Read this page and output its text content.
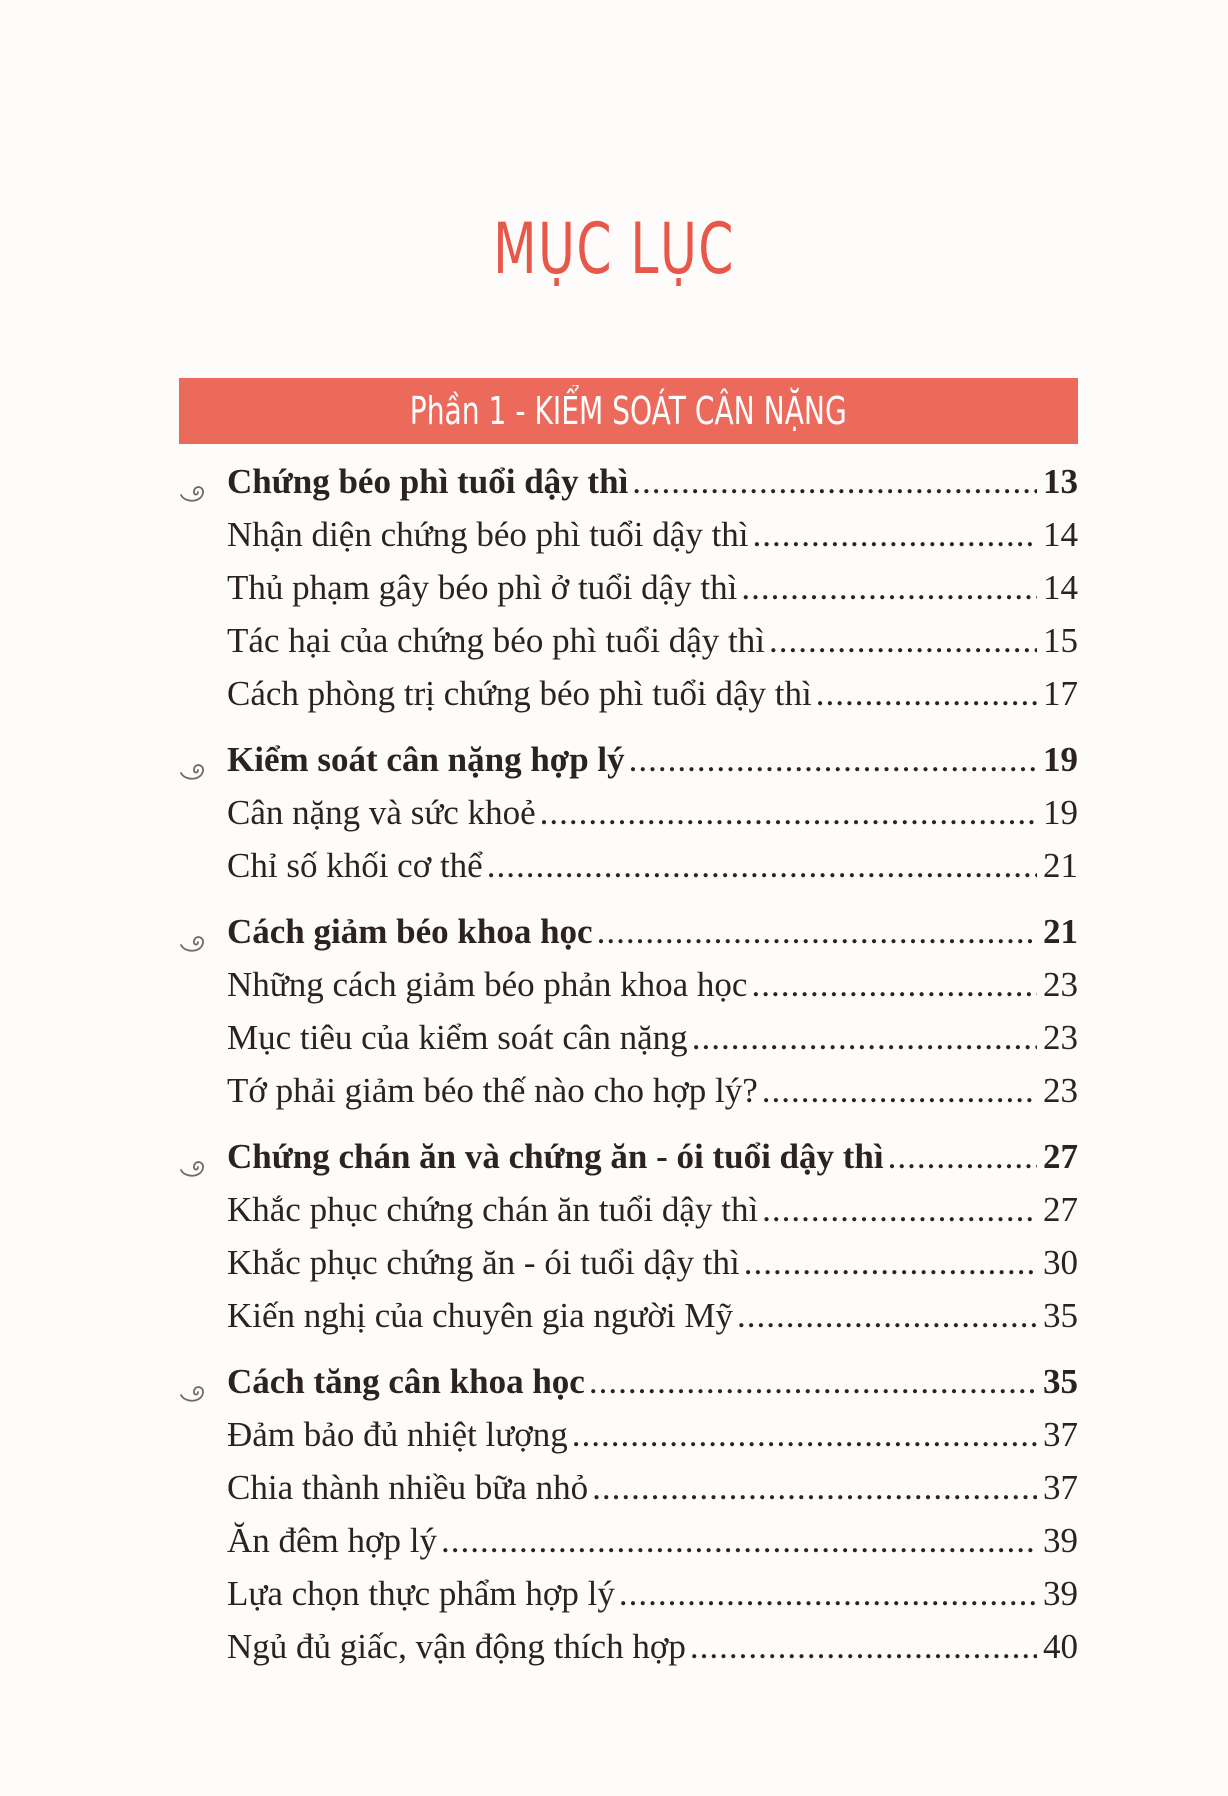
MỤC LỤC
Phần 1 - KIỂM SOÁT CÂN NẶNG
Chứng béo phì tuổi dậy thì .....	13
Nhận diện chứng béo phì tuổi dậy thì .....	14
Thủ phạm gây béo phì ở tuổi dậy thì .....	14
Tác hại của chứng béo phì tuổi dậy thì .....	15
Cách phòng trị chứng béo phì tuổi dậy thì .....	17
Kiểm soát cân nặng hợp lý .....	19
Cân nặng và sức khoẻ .....	19
Chỉ số khối cơ thể .....	21
Cách giảm béo khoa học .....	21
Những cách giảm béo phản khoa học .....	23
Mục tiêu của kiểm soát cân nặng .....	23
Tớ phải giảm béo thế nào cho hợp lý? .....	23
Chứng chán ăn và chứng ăn - ói tuổi dậy thì .....	27
Khắc phục chứng chán ăn tuổi dậy thì .....	27
Khắc phục chứng ăn - ói tuổi dậy thì .....	30
Kiến nghị của chuyên gia người Mỹ .....	35
Cách tăng cân khoa học .....	35
Đảm bảo đủ nhiệt lượng .....	37
Chia thành nhiều bữa nhỏ .....	37
Ăn đêm hợp lý .....	39
Lựa chọn thực phẩm hợp lý .....	39
Ngủ đủ giấc, vận động thích hợp .....	40
